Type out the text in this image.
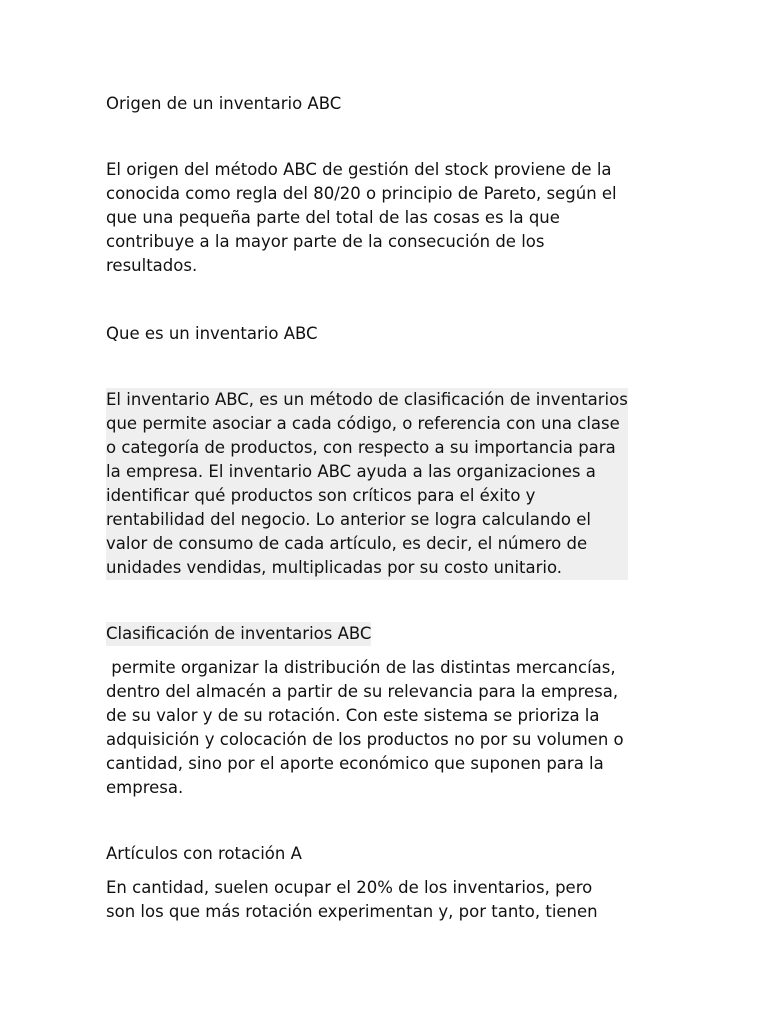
Origen de un inventario ABC
El origen del método ABC de gestión del stock proviene de la
conocida como regla del 80/20 o principio de Pareto, según el
que una pequeña parte del total de las cosas es la que
contribuye a la mayor parte de la consecución de los
resultados.
Que es un inventario ABC
El inventario ABC, es un método de clasificación de inventarios
que permite asociar a cada código, o referencia con una clase
o categoría de productos, con respecto a su importancia para
la empresa. El inventario ABC ayuda a las organizaciones a
identificar qué productos son críticos para el éxito y
rentabilidad del negocio. Lo anterior se logra calculando el
valor de consumo de cada artículo, es decir, el número de
unidades vendidas, multiplicadas por su costo unitario.
Clasificación de inventarios ABC
permite organizar la distribución de las distintas mercancías,
dentro del almacén a partir de su relevancia para la empresa,
de su valor y de su rotación. Con este sistema se prioriza la
adquisición y colocación de los productos no por su volumen o
cantidad, sino por el aporte económico que suponen para la
empresa.
Artículos con rotación A
En cantidad, suelen ocupar el 20% de los inventarios, pero
son los que más rotación experimentan y, por tanto, tienen
